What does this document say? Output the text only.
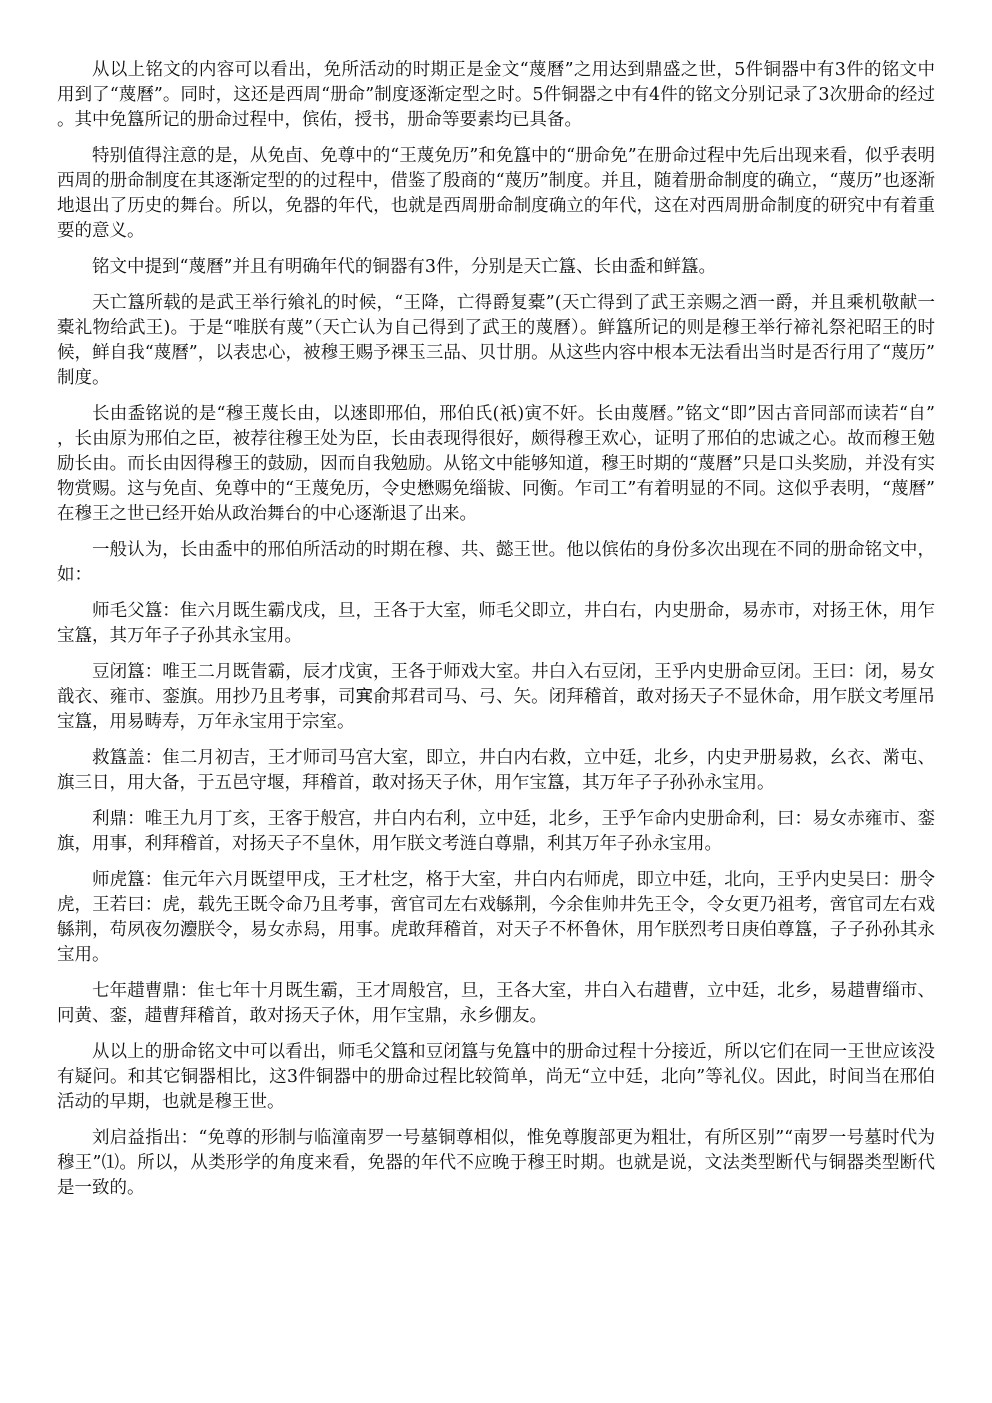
从以上铭文的内容可以看出，免所活动的时期正是金文“蔑曆”之用达到鼎盛之世，5件铜器中有3件的铭文中用到了“蔑曆”。同时，这还是西周“册命”制度逐渐定型之时。5件铜器之中有4件的铭文分别记录了3次册命的经过。其中免簋所记的册命过程中，傧佑，授书，册命等要素均已具备。

特别值得注意的是，从免卣、免尊中的“王蔑免历”和免簋中的“册命免”在册命过程中先后出现来看，似乎表明西周的册命制度在其逐渐定型的的过程中，借鉴了殷商的“蔑历”制度。并且，随着册命制度的确立，“蔑历”也逐渐地退出了历史的舞台。所以，免器的年代，也就是西周册命制度确立的年代，这在对西周册命制度的研究中有着重要的意义。

铭文中提到“蔑曆”并且有明确年代的铜器有3件，分别是天亡簋、长由盉和鲜簋。

天亡簋所载的是武王举行飨礼的时候，“王降，亡得爵复橐”(天亡得到了武王亲赐之酒一爵，并且乘机敬献一橐礼物给武王)。于是“唯朕有蔑”（天亡认为自己得到了武王的蔑曆）。鲜簋所记的则是穆王举行禘礼祭祀昭王的时候，鲜自我“蔑曆”，以表忠心，被穆王赐予祼玉三品、贝廿朋。从这些内容中根本无法看出当时是否行用了“蔑历”制度。

长由盉铭说的是“穆王蔑长由，以逨即邢伯，邢伯氏(祇)寅不奸。长由蔑曆。”铭文“即”因古音同部而读若“自”，长由原为邢伯之臣，被荐往穆王处为臣，长由表现得很好，颇得穆王欢心，证明了邢伯的忠诚之心。故而穆王勉励长由。而长由因得穆王的鼓励，因而自我勉励。从铭文中能够知道，穆王时期的“蔑曆”只是口头奖励，并没有实物赏赐。这与免卣、免尊中的“王蔑免历，令史懋赐免缁韨、冋衡。乍司工”有着明显的不同。这似乎表明，“蔑曆”在穆王之世已经开始从政治舞台的中心逐渐退了出来。

一般认为，长由盉中的邢伯所活动的时期在穆、共、懿王世。他以傧佑的身份多次出现在不同的册命铭文中，如：

师毛父簋：隹六月既生霸戊戌，旦，王各于大室，师毛父即立，井白右，内史册命，易赤市，对扬王休，用乍宝簋，其万年子子孙其永宝用。

豆闭簋：唯王二月既眚霸，辰才戊寅，王各于师戏大室。井白入右豆闭，王乎内史册命豆闭。王曰：闭，易女戠衣、雍市、銮旗。用抄乃且考事，司𡨄俞邦君司马、弓、矢。闭拜稽首，敢对扬天子不显休命，用乍朕文考厘吊宝簋，用易畴寿，万年永宝用于宗室。

救簋盖：隹二月初吉，王才师司马宫大室，即立，井白内右救，立中廷，北乡，内史尹册易救，幺衣、黹屯、旗三日，用大备，于五邑守堰，拜稽首，敢对扬天子休，用乍宝簋，其万年子子孙孙永宝用。

利鼎：唯王九月丁亥，王客于般宫，井白内右利，立中廷，北乡，王乎乍命内史册命利，曰：易女赤雍市、銮旗，用事，利拜稽首，对扬天子不皇休，用乍朕文考涟白尊鼎，利其万年子孙永宝用。

师虎簋：隹元年六月既望甲戌，王才杜㝎，格于大室，井白内右师虎，即立中廷，北向，王乎内史吴曰：册令虎，王若曰：虎，载先王既令命乃且考事，啻官司左右戏緐荆，今余隹帅井先王令，令女更乃祖考，啻官司左右戏緐荆，苟夙夜勿灋朕令，易女赤舄，用事。虎敢拜稽首，对天子不杯鲁休，用乍朕烈考日庚伯尊簋，子子孙孙其永宝用。

七年趞曹鼎：隹七年十月既生霸，王才周般宫，旦，王各大室，井白入右趞曹，立中廷，北乡，易趞曹缁市、冋黄、銮，趞曹拜稽首，敢对扬天子休，用乍宝鼎，永乡倗友。

从以上的册命铭文中可以看出，师毛父簋和豆闭簋与免簋中的册命过程十分接近，所以它们在同一王世应该没有疑问。和其它铜器相比，这3件铜器中的册命过程比较简单，尚无“立中廷，北向”等礼仪。因此，时间当在邢伯活动的早期，也就是穆王世。

刘启益指出：“免尊的形制与临潼南罗一号墓铜尊相似，惟免尊腹部更为粗壮，有所区别”“南罗一号墓时代为穆王”⑴。所以，从类形学的角度来看，免器的年代不应晚于穆王时期。也就是说，文法类型断代与铜器类型断代是一致的。
